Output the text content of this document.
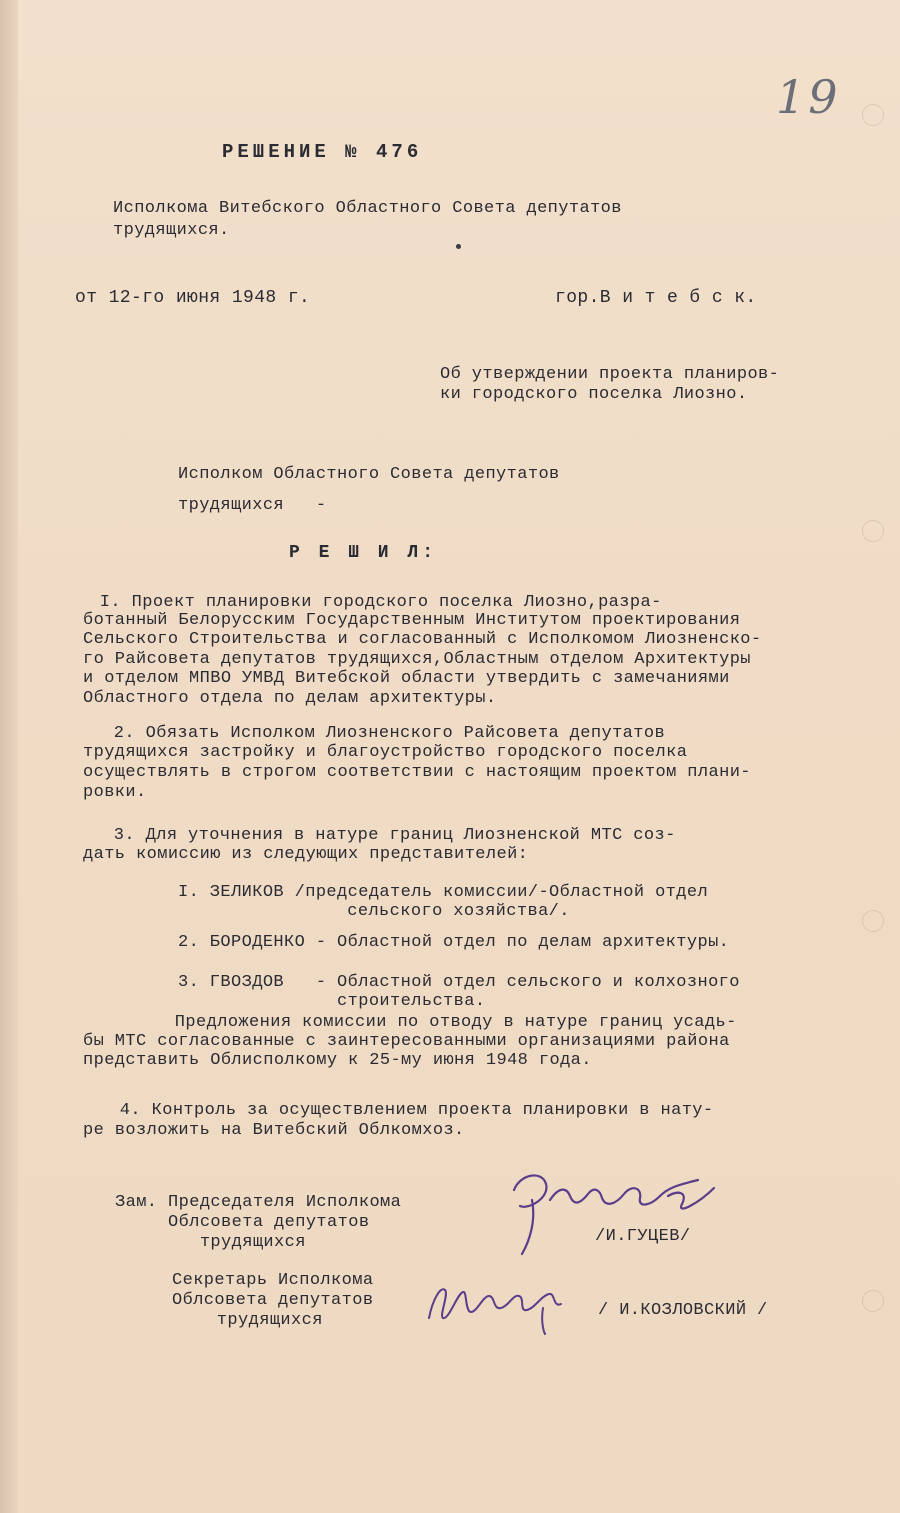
19
РЕШЕНИЕ № 476
Исполкома Витебского Областного Совета депутатов
трудящихся.
от 12-го июня 1948 г.	гор.В и т е б с к.
Об утверждении проекта планиров-
ки городского поселка Лиозно.
Исполком Областного Совета депутатов
трудящихся   -
Р Е Ш И Л:
I. Проект планировки городского поселка Лиозно,разра-
ботанный Белорусским Государственным Институтом проектирования
Сельского Строительства и согласованный с Исполкомом Лиозненско-
го Райсовета депутатов трудящихся,Областным отделом Архитектуры
и отделом МПВО УМВД Витебской области утвердить с замечаниями
Областного отдела по делам архитектуры.
2. Обязать Исполком Лиозненского Райсовета депутатов
трудящихся застройку и благоустройство городского поселка
осуществлять в строгом соответствии с настоящим проектом плани-
ровки.
3. Для уточнения в натуре границ Лиозненской МТС соз-
дать комиссию из следующих представителей:
I. ЗЕЛИКОВ /председатель комиссии/-Областной отдел
сельского хозяйства/.
2. БОРОДЕНКО - Областной отдел по делам архитектуры.
3. ГВОЗДОВ   - Областной отдел сельского и колхозного
строительства.
Предложения комиссии по отводу в натуре границ усадь-
бы МТС согласованные с заинтересованными организациями района
представить Облисполкому к 25-му июня 1948 года.
4. Контроль за осуществлением проекта планировки в нату-
ре возложить на Витебский Облкомхоз.
Зам. Председателя Исполкома
Облсовета депутатов
трудящихся	/И.ГУЦЕВ/
Секретарь Исполкома
Облсовета депутатов
трудящихся
/ И.КОЗЛОВСКИЙ /
